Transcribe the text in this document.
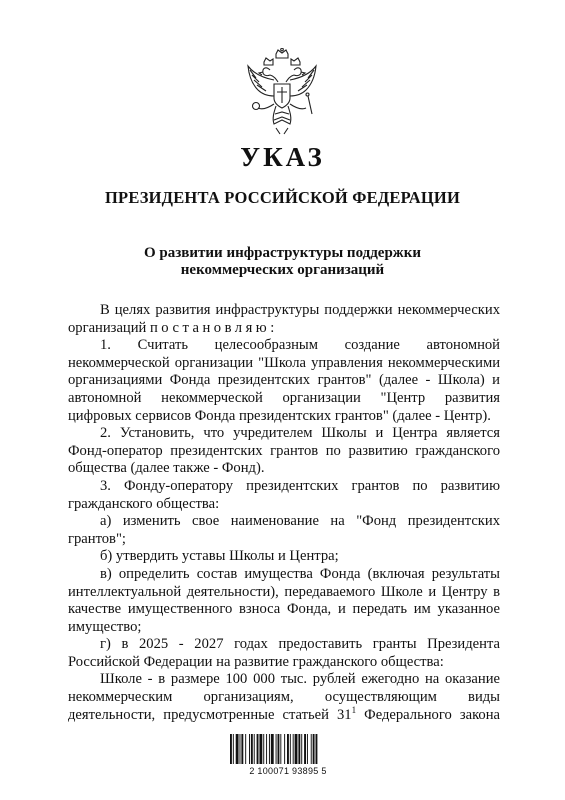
УКАЗ
ПРЕЗИДЕНТА РОССИЙСКОЙ ФЕДЕРАЦИИ
О развитии инфраструктуры поддержки
некоммерческих организаций

В целях развития инфраструктуры поддержки некоммерческих организаций постановляю:

1. Считать целесообразным создание автономной некоммерческой организации "Школа управления некоммерческими организациями Фонда президентских грантов" (далее - Школа) и автономной некоммерческой организации "Центр развития цифровых сервисов Фонда президентских грантов" (далее - Центр).

2. Установить, что учредителем Школы и Центра является Фонд-оператор президентских грантов по развитию гражданского общества (далее также - Фонд).

3. Фонду-оператору президентских грантов по развитию гражданского общества:

а) изменить свое наименование на "Фонд президентских грантов";

б) утвердить уставы Школы и Центра;

в) определить состав имущества Фонда (включая результаты интеллектуальной деятельности), передаваемого Школе и Центру в качестве имущественного взноса Фонда, и передать им указанное имущество;

г) в 2025 - 2027 годах предоставить гранты Президента Российской Федерации на развитие гражданского общества:

Школе - в размере 100 000 тыс. рублей ежегодно на оказание некоммерческим организациям, осуществляющим виды деятельности, предусмотренные статьей $31^1$ Федерального закона

2 100071 93895 5
